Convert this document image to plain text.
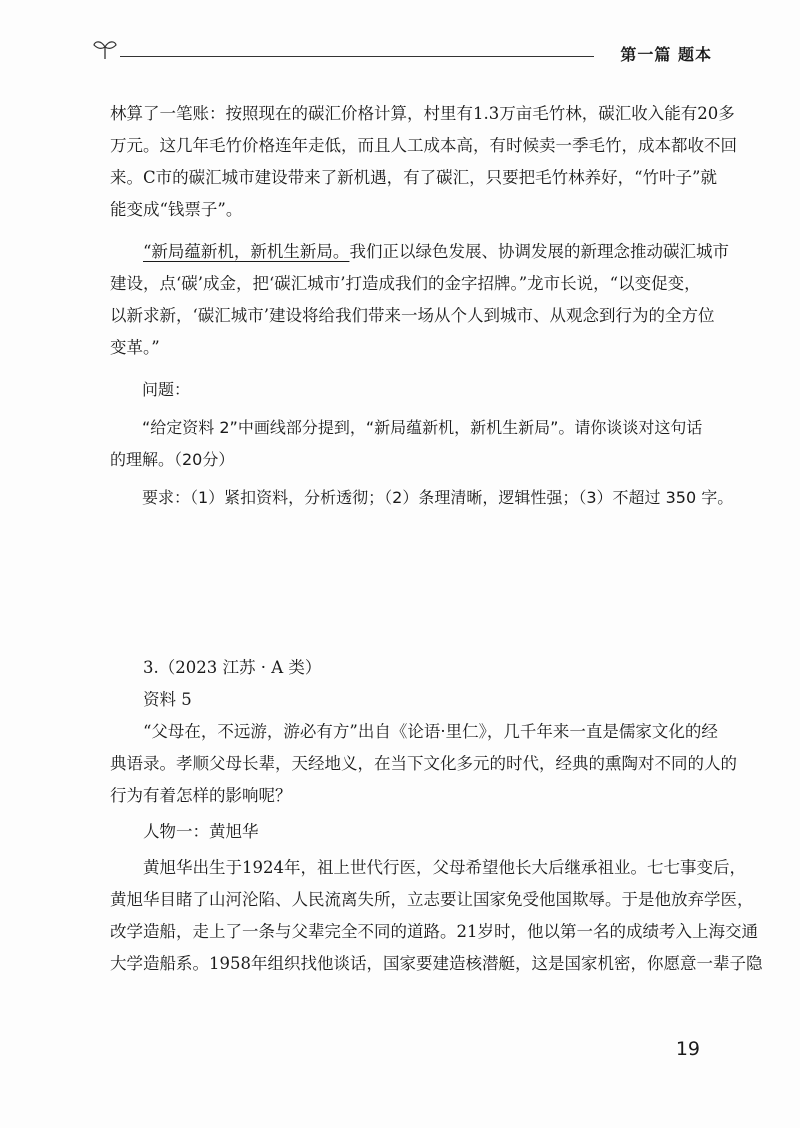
第一篇 题本
林算了一笔账：按照现在的碳汇价格计算，村里有1.3万亩毛竹林，碳汇收入能有20多
万元。这几年毛竹价格连年走低，而且人工成本高，有时候卖一季毛竹，成本都收不回
来。C市的碳汇城市建设带来了新机遇，有了碳汇，只要把毛竹林养好，“竹叶子”就
能变成“钱票子”。
“新局蕴新机，新机生新局。我们正以绿色发展、协调发展的新理念推动碳汇城市
建设，点‘碳’成金，把‘碳汇城市’打造成我们的金字招牌。”龙市长说，“以变促变，
以新求新，‘碳汇城市’建设将给我们带来一场从个人到城市、从观念到行为的全方位
变革。”
问题：
“给定资料 2”中画线部分提到，“新局蕴新机，新机生新局”。请你谈谈对这句话
的理解。（20分）
要求：（1）紧扣资料，分析透彻；（2）条理清晰，逻辑性强；（3）不超过 350 字。
3.（2023 江苏 · A 类）
资料 5
“父母在，不远游，游必有方”出自《论语·里仁》，几千年来一直是儒家文化的经
典语录。孝顺父母长辈，天经地义，在当下文化多元的时代，经典的熏陶对不同的人的
行为有着怎样的影响呢？
人物一：黄旭华
黄旭华出生于1924年，祖上世代行医，父母希望他长大后继承祖业。七七事变后，
黄旭华目睹了山河沦陷、人民流离失所，立志要让国家免受他国欺辱。于是他放弃学医，
改学造船，走上了一条与父辈完全不同的道路。21岁时，他以第一名的成绩考入上海交通
大学造船系。1958年组织找他谈话，国家要建造核潜艇，这是国家机密，你愿意一辈子隐
19
